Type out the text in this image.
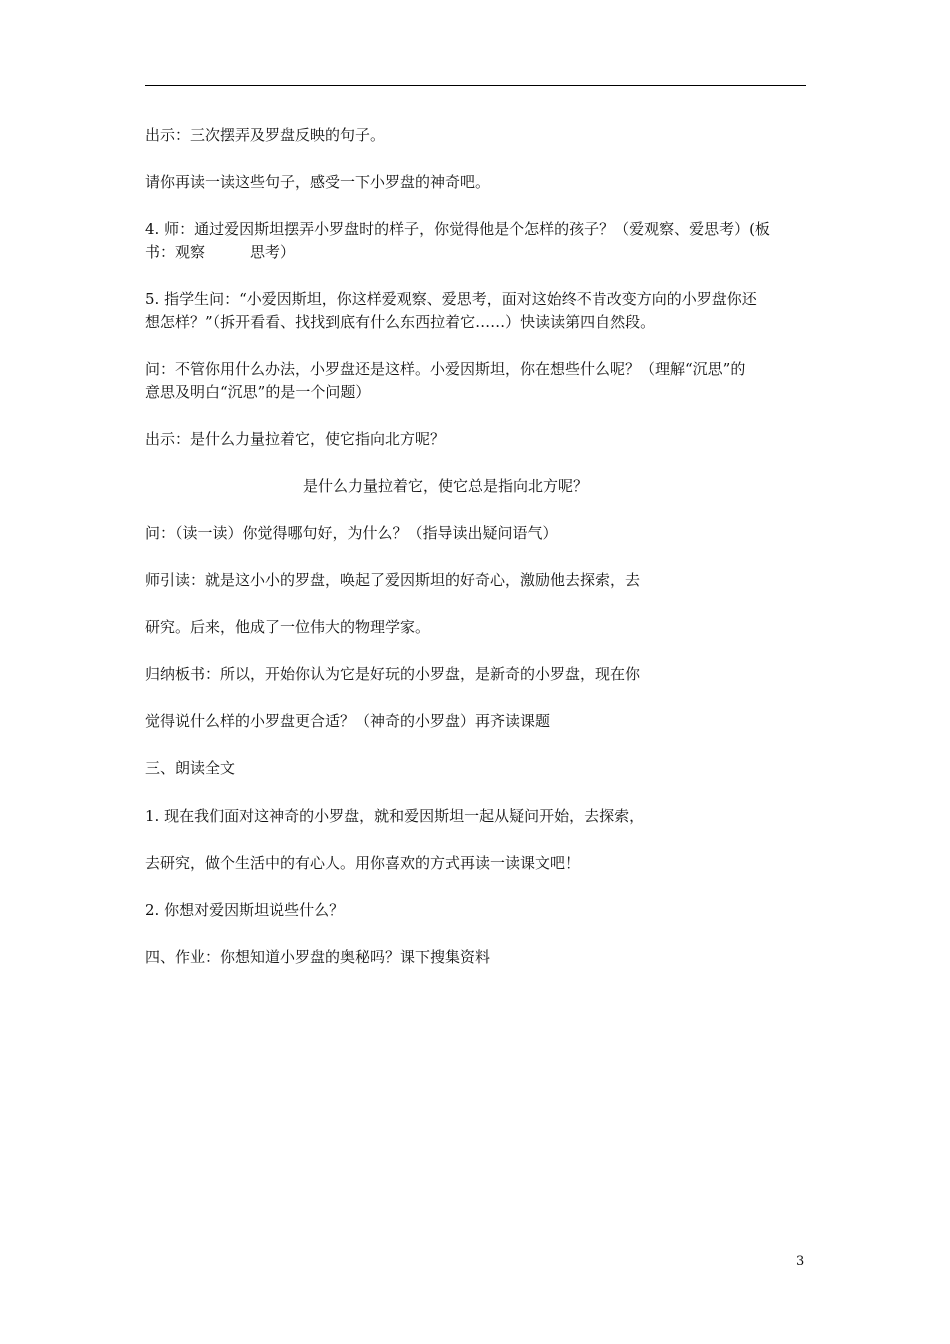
出示：三次摆弄及罗盘反映的句子。

请你再读一读这些句子，感受一下小罗盘的神奇吧。

4. 师：通过爱因斯坦摆弄小罗盘时的样子，你觉得他是个怎样的孩子？（爱观察、爱思考）(板

书：观察　　　思考）

5. 指学生问：“小爱因斯坦，你这样爱观察、爱思考，面对这始终不肯改变方向的小罗盘你还

想怎样？”（拆开看看、找找到底有什么东西拉着它……）快读读第四自然段。

问：不管你用什么办法，小罗盘还是这样。小爱因斯坦，你在想些什么呢？（理解“沉思”的

意思及明白“沉思”的是一个问题）

出示：是什么力量拉着它，使它指向北方呢？

是什么力量拉着它，使它总是指向北方呢？

问：（读一读）你觉得哪句好，为什么？（指导读出疑问语气）

师引读：就是这小小的罗盘，唤起了爱因斯坦的好奇心，激励他去探索，去

研究。后来，他成了一位伟大的物理学家。

归纳板书：所以，开始你认为它是好玩的小罗盘，是新奇的小罗盘，现在你

觉得说什么样的小罗盘更合适？（神奇的小罗盘）再齐读课题

三、朗读全文

1. 现在我们面对这神奇的小罗盘，就和爱因斯坦一起从疑问开始，去探索，

去研究，做个生活中的有心人。用你喜欢的方式再读一读课文吧！

2. 你想对爱因斯坦说些什么？

四、作业：你想知道小罗盘的奥秘吗？课下搜集资料

3
